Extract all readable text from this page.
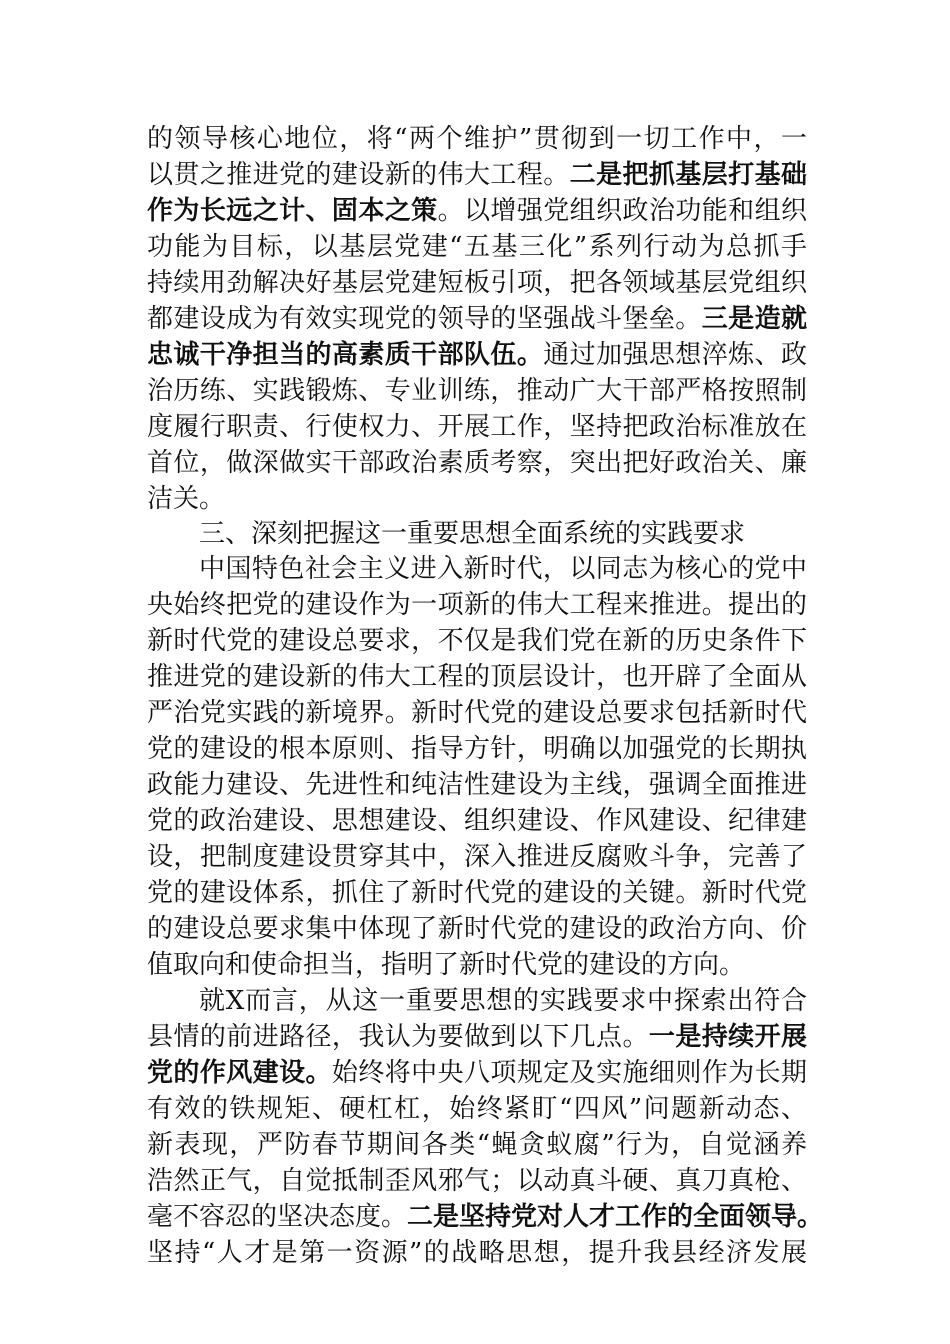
的领导核心地位，将“两个维护”贯彻到一切工作中，一
以贯之推进党的建设新的伟大工程。二是把抓基层打基础
作为长远之计、固本之策。以增强党组织政治功能和组织
功能为目标，以基层党建“五基三化”系列行动为总抓手
持续用劲解决好基层党建短板引项，把各领域基层党组织
都建设成为有效实现党的领导的坚强战斗堡垒。三是造就
忠诚干净担当的高素质干部队伍。通过加强思想淬炼、政
治历练、实践锻炼、专业训练，推动广大干部严格按照制
度履行职责、行使权力、开展工作，坚持把政治标准放在
首位，做深做实干部政治素质考察，突出把好政治关、廉
洁关。
三、深刻把握这一重要思想全面系统的实践要求
中国特色社会主义进入新时代，以同志为核心的党中
央始终把党的建设作为一项新的伟大工程来推进。提出的
新时代党的建设总要求，不仅是我们党在新的历史条件下
推进党的建设新的伟大工程的顶层设计，也开辟了全面从
严治党实践的新境界。新时代党的建设总要求包括新时代
党的建设的根本原则、指导方针，明确以加强党的长期执
政能力建设、先进性和纯洁性建设为主线，强调全面推进
党的政治建设、思想建设、组织建设、作风建设、纪律建
设，把制度建设贯穿其中，深入推进反腐败斗争，完善了
党的建设体系，抓住了新时代党的建设的关键。新时代党
的建设总要求集中体现了新时代党的建设的政治方向、价
值取向和使命担当，指明了新时代党的建设的方向。
就X而言，从这一重要思想的实践要求中探索出符合
县情的前进路径，我认为要做到以下几点。一是持续开展
党的作风建设。始终将中央八项规定及实施细则作为长期
有效的铁规矩、硬杠杠，始终紧盯“四风”问题新动态、
新表现，严防春节期间各类“蝇贪蚁腐”行为，自觉涵养
浩然正气，自觉抵制歪风邪气；以动真斗硬、真刀真枪、
毫不容忍的坚决态度。二是坚持党对人才工作的全面领导。
坚持“人才是第一资源”的战略思想，提升我县经济发展
